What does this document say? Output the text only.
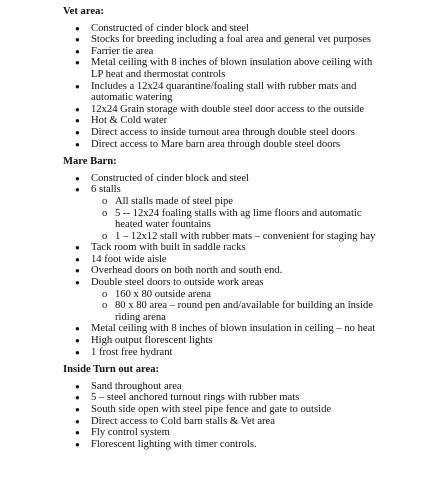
Vet area:
● Constructed of cinder block and steel
● Stocks for breeding including a foal area and general vet purposes
● Farrier tie area
● Metal ceiling with 8 inches of blown insulation above ceiling with LP heat and thermostat controls
● Includes a 12x24 quarantine/foaling stall with rubber mats and automatic watering
● 12x24 Grain storage with double steel door access to the outside
● Hot & Cold water
● Direct access to inside turnout area through double steel doors
● Direct access to Mare barn area through double steel doors
Mare Barn:
● Constructed of cinder block and steel
● 6 stalls
o All stalls made of steel pipe
o 5 -- 12x24 foaling stalls with ag lime floors and automatic heated water fountains
o 1 – 12x12 stall with rubber mats – convenient for staging hay
● Tack room with built in saddle racks
● 14 foot wide aisle
● Overhead doors on both north and south end.
● Double steel doors to outside work areas
o 160 x 80 outside arena
o 80 x 80 area – round pen and/available for building an inside riding arena
● Metal ceiling with 8 inches of blown insulation in ceiling – no heat
● High output florescent lights
● 1 frost free hydrant
Inside Turn out area:
● Sand throughout area
● 5 – steel anchored turnout rings with rubber mats
● South side open with steel pipe fence and gate to outside
● Direct access to Cold barn stalls & Vet area
● Fly control system
● Florescent lighting with timer controls.
